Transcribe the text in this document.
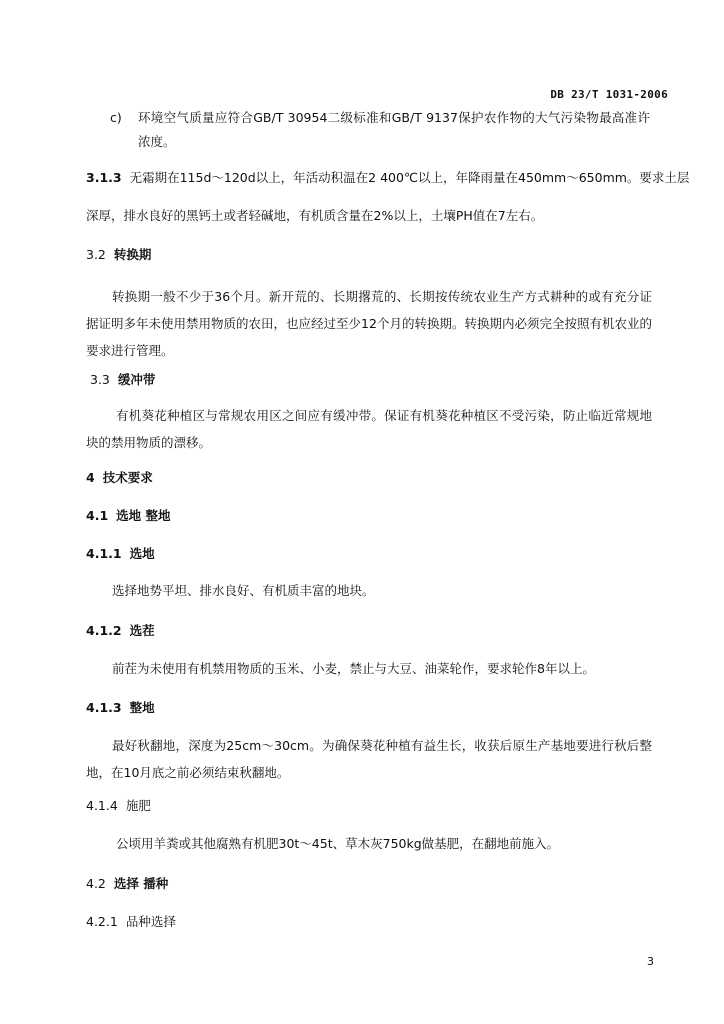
DB 23/T 1031-2006
c) 环境空气质量应符合GB/T 30954二级标准和GB/T 9137保护农作物的大气污染物最高准许浓度。
3.1.3 无霜期在115d～120d以上，年活动积温在2 400℃以上，年降雨量在450mm～650mm。要求土层
深厚，排水良好的黑钙土或者轻碱地，有机质含量在2%以上，土壤PH值在7左右。
3.2 转换期
转换期一般不少于36个月。新开荒的、长期撂荒的、长期按传统农业生产方式耕种的或有充分证据证明多年未使用禁用物质的农田，也应经过至少12个月的转换期。转换期内必须完全按照有机农业的要求进行管理。
3.3 缓冲带
有机葵花种植区与常规农用区之间应有缓冲带。保证有机葵花种植区不受污染，防止临近常规地块的禁用物质的漂移。
4 技术要求
4.1 选地 整地
4.1.1 选地
选择地势平坦、排水良好、有机质丰富的地块。
4.1.2 选茬
前茬为未使用有机禁用物质的玉米、小麦，禁止与大豆、油菜轮作，要求轮作8年以上。
4.1.3 整地
最好秋翻地，深度为25cm～30cm。为确保葵花种植有益生长，收获后原生产基地要进行秋后整地，在10月底之前必须结束秋翻地。
4.1.4 施肥
公顷用羊粪或其他腐熟有机肥30t～45t、草木灰750kg做基肥，在翻地前施入。
4.2 选择 播种
4.2.1 品种选择
3
